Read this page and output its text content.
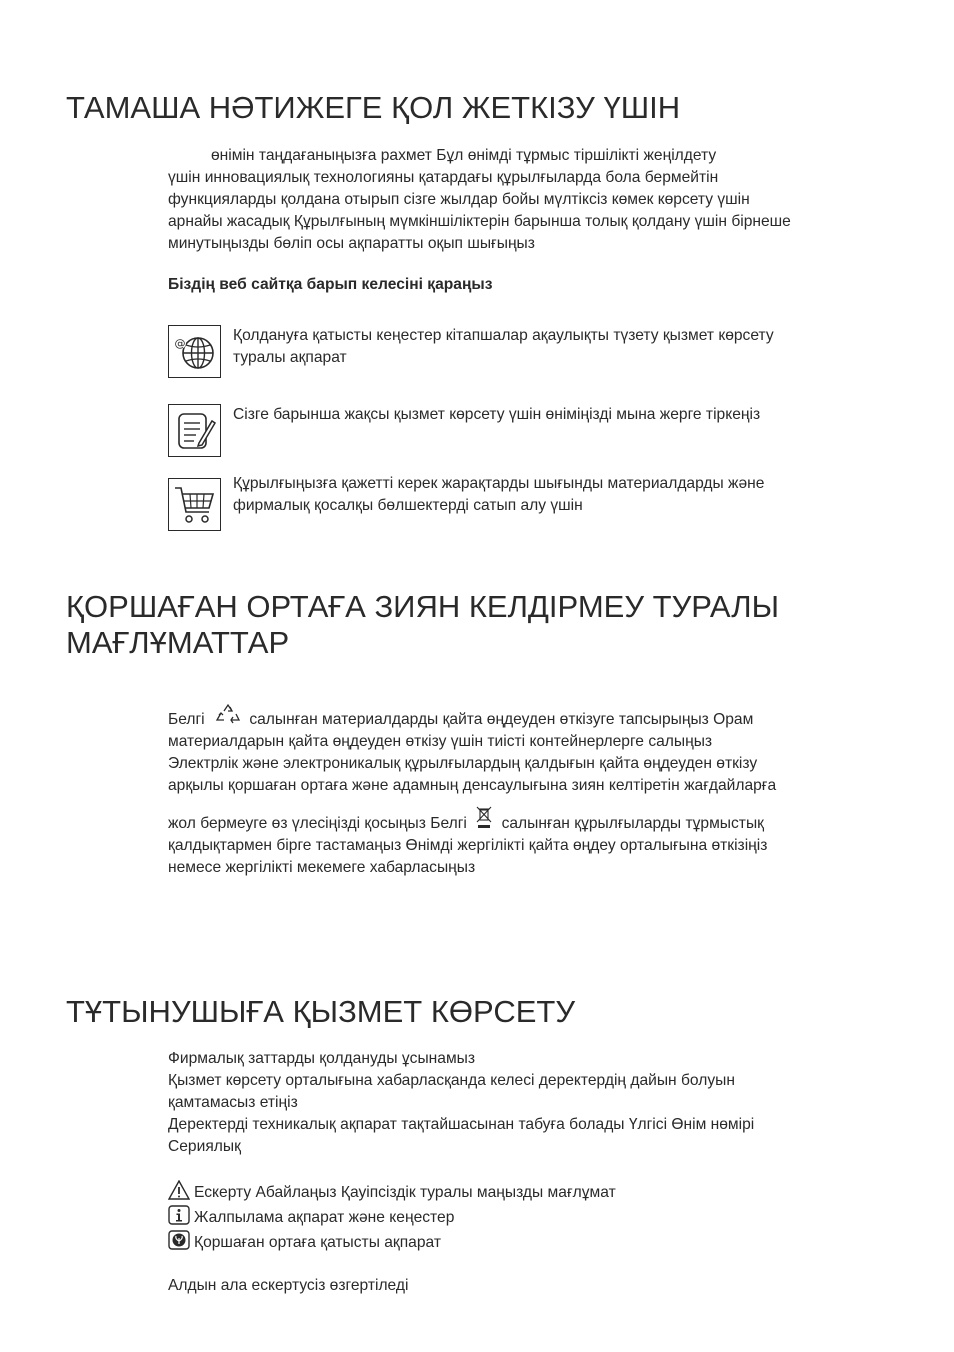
ТАМАША НӘТИЖЕГЕ ҚОЛ ЖЕТКІЗУ ҮШІН
өнімін таңдағаныңызға рахмет Бұл өнімді тұрмыс тіршілікті жеңілдету
үшін инновациялық технологияны қатардағы құрылғыларда бола бермейтін
функцияларды қолдана отырып сізге жылдар бойы мүлтіксіз көмек көрсету үшін
арнайы жасадық Құрылғының мүмкіншіліктерін барынша толық қолдану үшін бірнеше
минутыңызды бөліп осы ақпаратты оқып шығыңыз
Біздің веб сайтқа барып келесіні қараңыз
@	Қолдануға қатысты кеңестер кітапшалар ақаулықты түзету қызмет көрсету
туралы ақпарат
Сізге барынша жақсы қызмет көрсету үшін өніміңізді мына жерге тіркеңіз
Құрылғыңызға қажетті керек жарақтарды шығынды материалдарды және
фирмалық қосалқы бөлшектерді сатып алу үшін
ҚОРШАҒАН ОРТАҒА ЗИЯН КЕЛДІРМЕУ ТУРАЛЫ
МАҒЛҰМАТТАР
Белгі	салынған материалдарды қайта өңдеуден өткізуге тапсырыңыз Орам
материалдарын қайта өңдеуден өткізу үшін тиісті контейнерлерге салыңыз
Электрлік және электроникалық құрылғылардың қалдығын қайта өңдеуден өткізу
арқылы қоршаған ортаға және адамның денсаулығына зиян келтіретін жағдайларға
жол бермеуге өз үлесіңізді қосыңыз Белгі салынған құрылғыларды тұрмыстық
қалдықтармен бірге тастамаңыз Өнімді жергілікті қайта өңдеу орталығына өткізіңіз
немесе жергілікті мекемеге хабарласыңыз
ТҰТЫНУШЫҒА ҚЫЗМЕТ КӨРСЕТУ
Фирмалық заттарды қолдануды ұсынамыз
Қызмет көрсету орталығына хабарласқанда келесі деректердің дайын болуын
қамтамасыз етіңіз
Деректерді техникалық ақпарат тақтайшасынан табуға болады Үлгісі Өнім нөмірі
Сериялық
Ескерту Абайлаңыз Қауіпсіздік туралы маңызды мағлұмат
Жалпылама ақпарат және кеңестер
Қоршаған ортаға қатысты ақпарат
Алдын ала ескертусіз өзгертіледі
